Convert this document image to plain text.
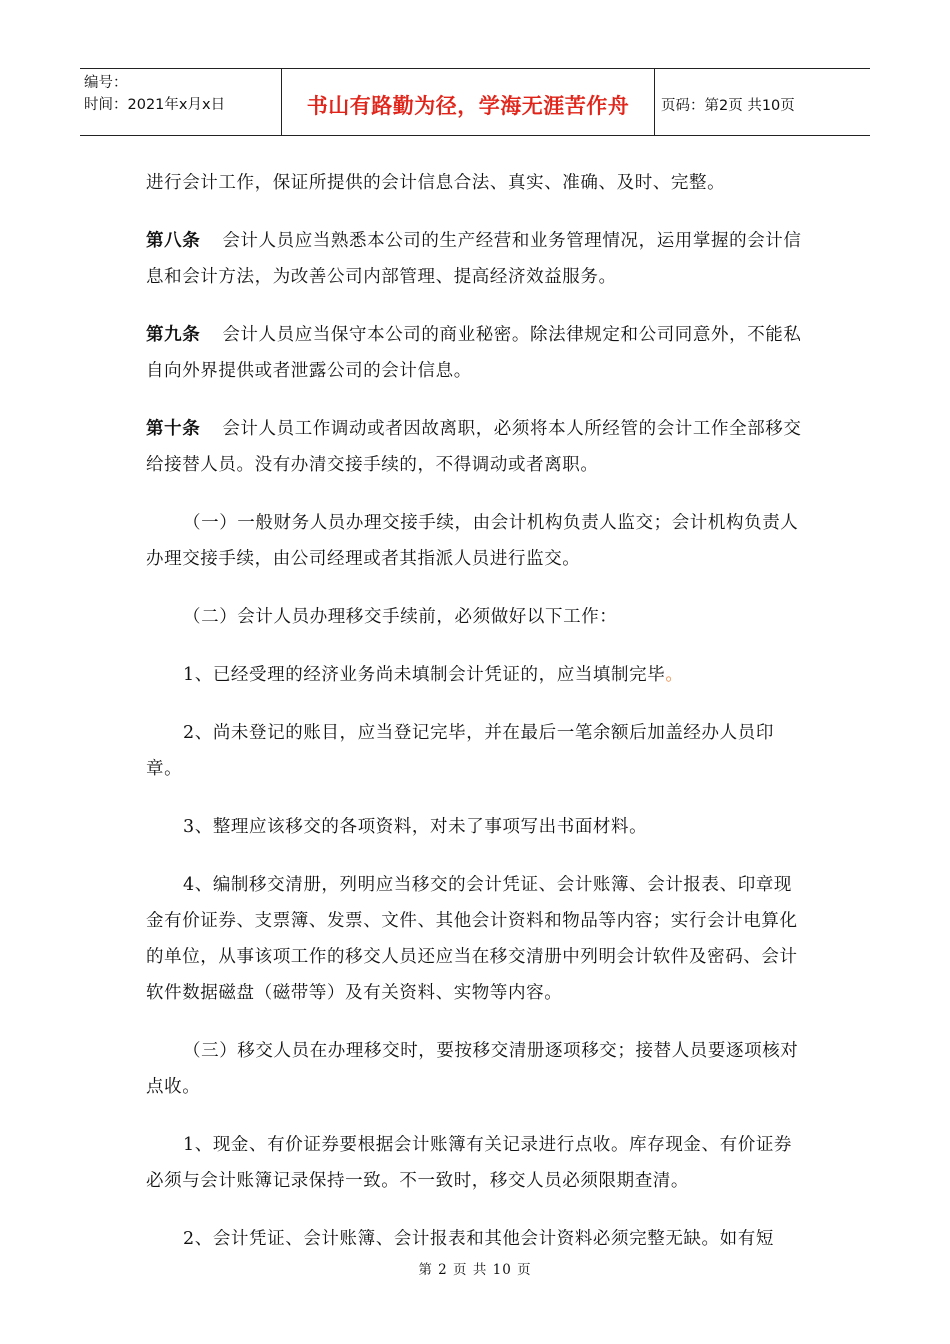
编号：
时间：2021年x月x日	书山有路勤为径，学海无涯苦作舟 页码：第2页 共10页

进行会计工作，保证所提供的会计信息合法、真实、准确、及时、完整。

第八条 会计人员应当熟悉本公司的生产经营和业务管理情况，运用掌握的会计信息和会计方法，为改善公司内部管理、提高经济效益服务。

第九条 会计人员应当保守本公司的商业秘密。除法律规定和公司同意外，不能私自向外界提供或者泄露公司的会计信息。

第十条 会计人员工作调动或者因故离职，必须将本人所经管的会计工作全部移交给接替人员。没有办清交接手续的，不得调动或者离职。

（一）一般财务人员办理交接手续，由会计机构负责人监交；会计机构负责人办理交接手续，由公司经理或者其指派人员进行监交。

（二）会计人员办理移交手续前，必须做好以下工作：

1、已经受理的经济业务尚未填制会计凭证的，应当填制完毕。

2、尚未登记的账目，应当登记完毕，并在最后一笔余额后加盖经办人员印章。

3、整理应该移交的各项资料，对未了事项写出书面材料。

4、编制移交清册，列明应当移交的会计凭证、会计账簿、会计报表、印章现金有价证券、支票簿、发票、文件、其他会计资料和物品等内容；实行会计电算化的单位，从事该项工作的移交人员还应当在移交清册中列明会计软件及密码、会计软件数据磁盘（磁带等）及有关资料、实物等内容。

（三）移交人员在办理移交时，要按移交清册逐项移交；接替人员要逐项核对点收。

1、现金、有价证券要根据会计账簿有关记录进行点收。库存现金、有价证券必须与会计账簿记录保持一致。不一致时，移交人员必须限期查清。

2、会计凭证、会计账簿、会计报表和其他会计资料必须完整无缺。如有短

第 2 页 共 10 页
